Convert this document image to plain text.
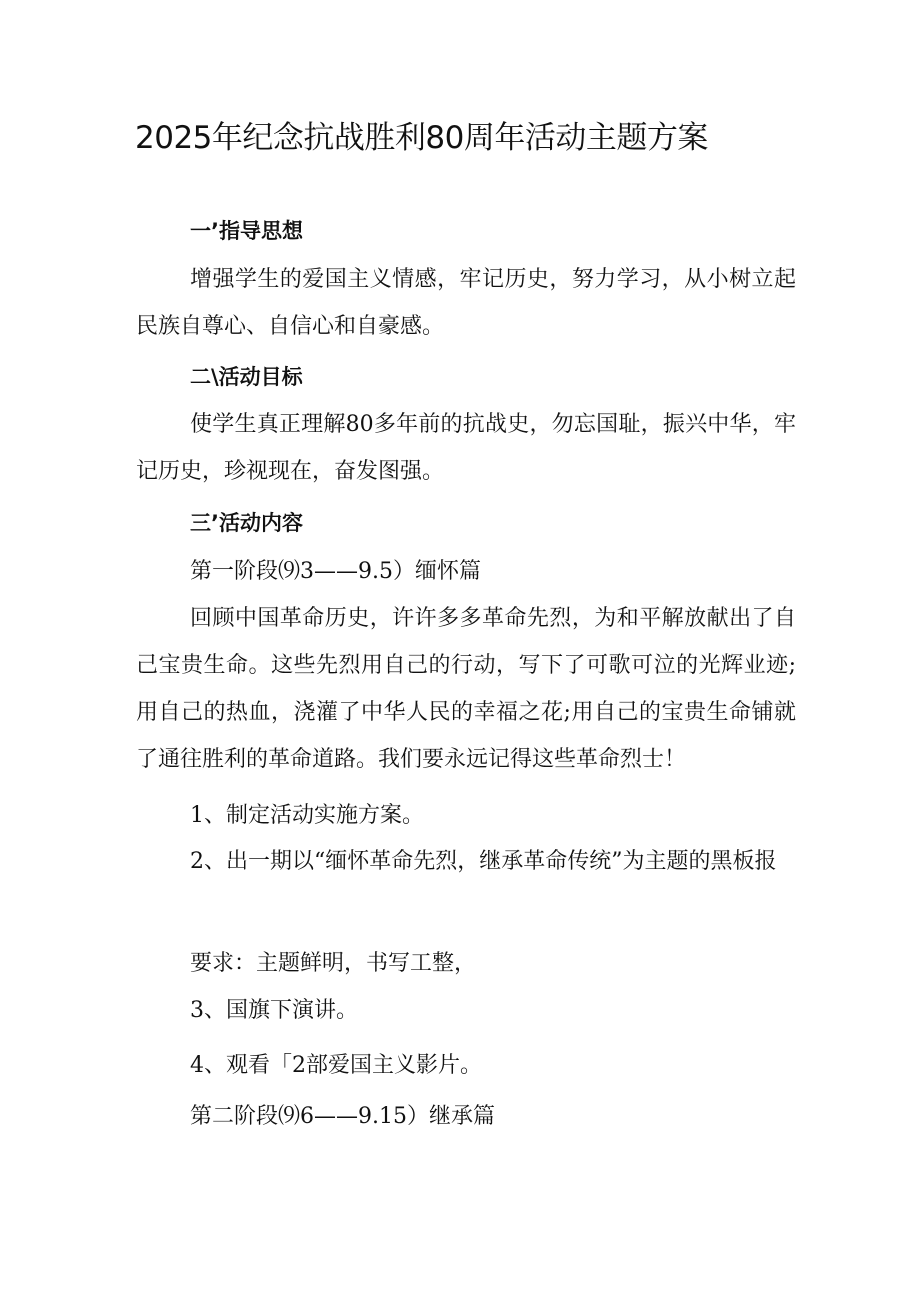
2025年纪念抗战胜利80周年活动主题方案
一’指导思想
增强学生的爱国主义情感，牢记历史，努力学习，从小树立起民族自尊心、自信心和自豪感。
二\活动目标
使学生真正理解80多年前的抗战史，勿忘国耻，振兴中华，牢记历史，珍视现在，奋发图强。
三’活动内容
第一阶段⑼3——9.5）缅怀篇
回顾中国革命历史，许许多多革命先烈，为和平解放献出了自己宝贵生命。这些先烈用自己的行动，写下了可歌可泣的光辉业迹;用自己的热血，浇灌了中华人民的幸福之花;用自己的宝贵生命铺就了通往胜利的革命道路。我们要永远记得这些革命烈士！
1、制定活动实施方案。
2、出一期以“缅怀革命先烈，继承革命传统”为主题的黑板报
要求：主题鲜明，书写工整，
3、国旗下演讲。
4、观看「2部爱国主义影片。
第二阶段⑼6——9.15）继承篇
